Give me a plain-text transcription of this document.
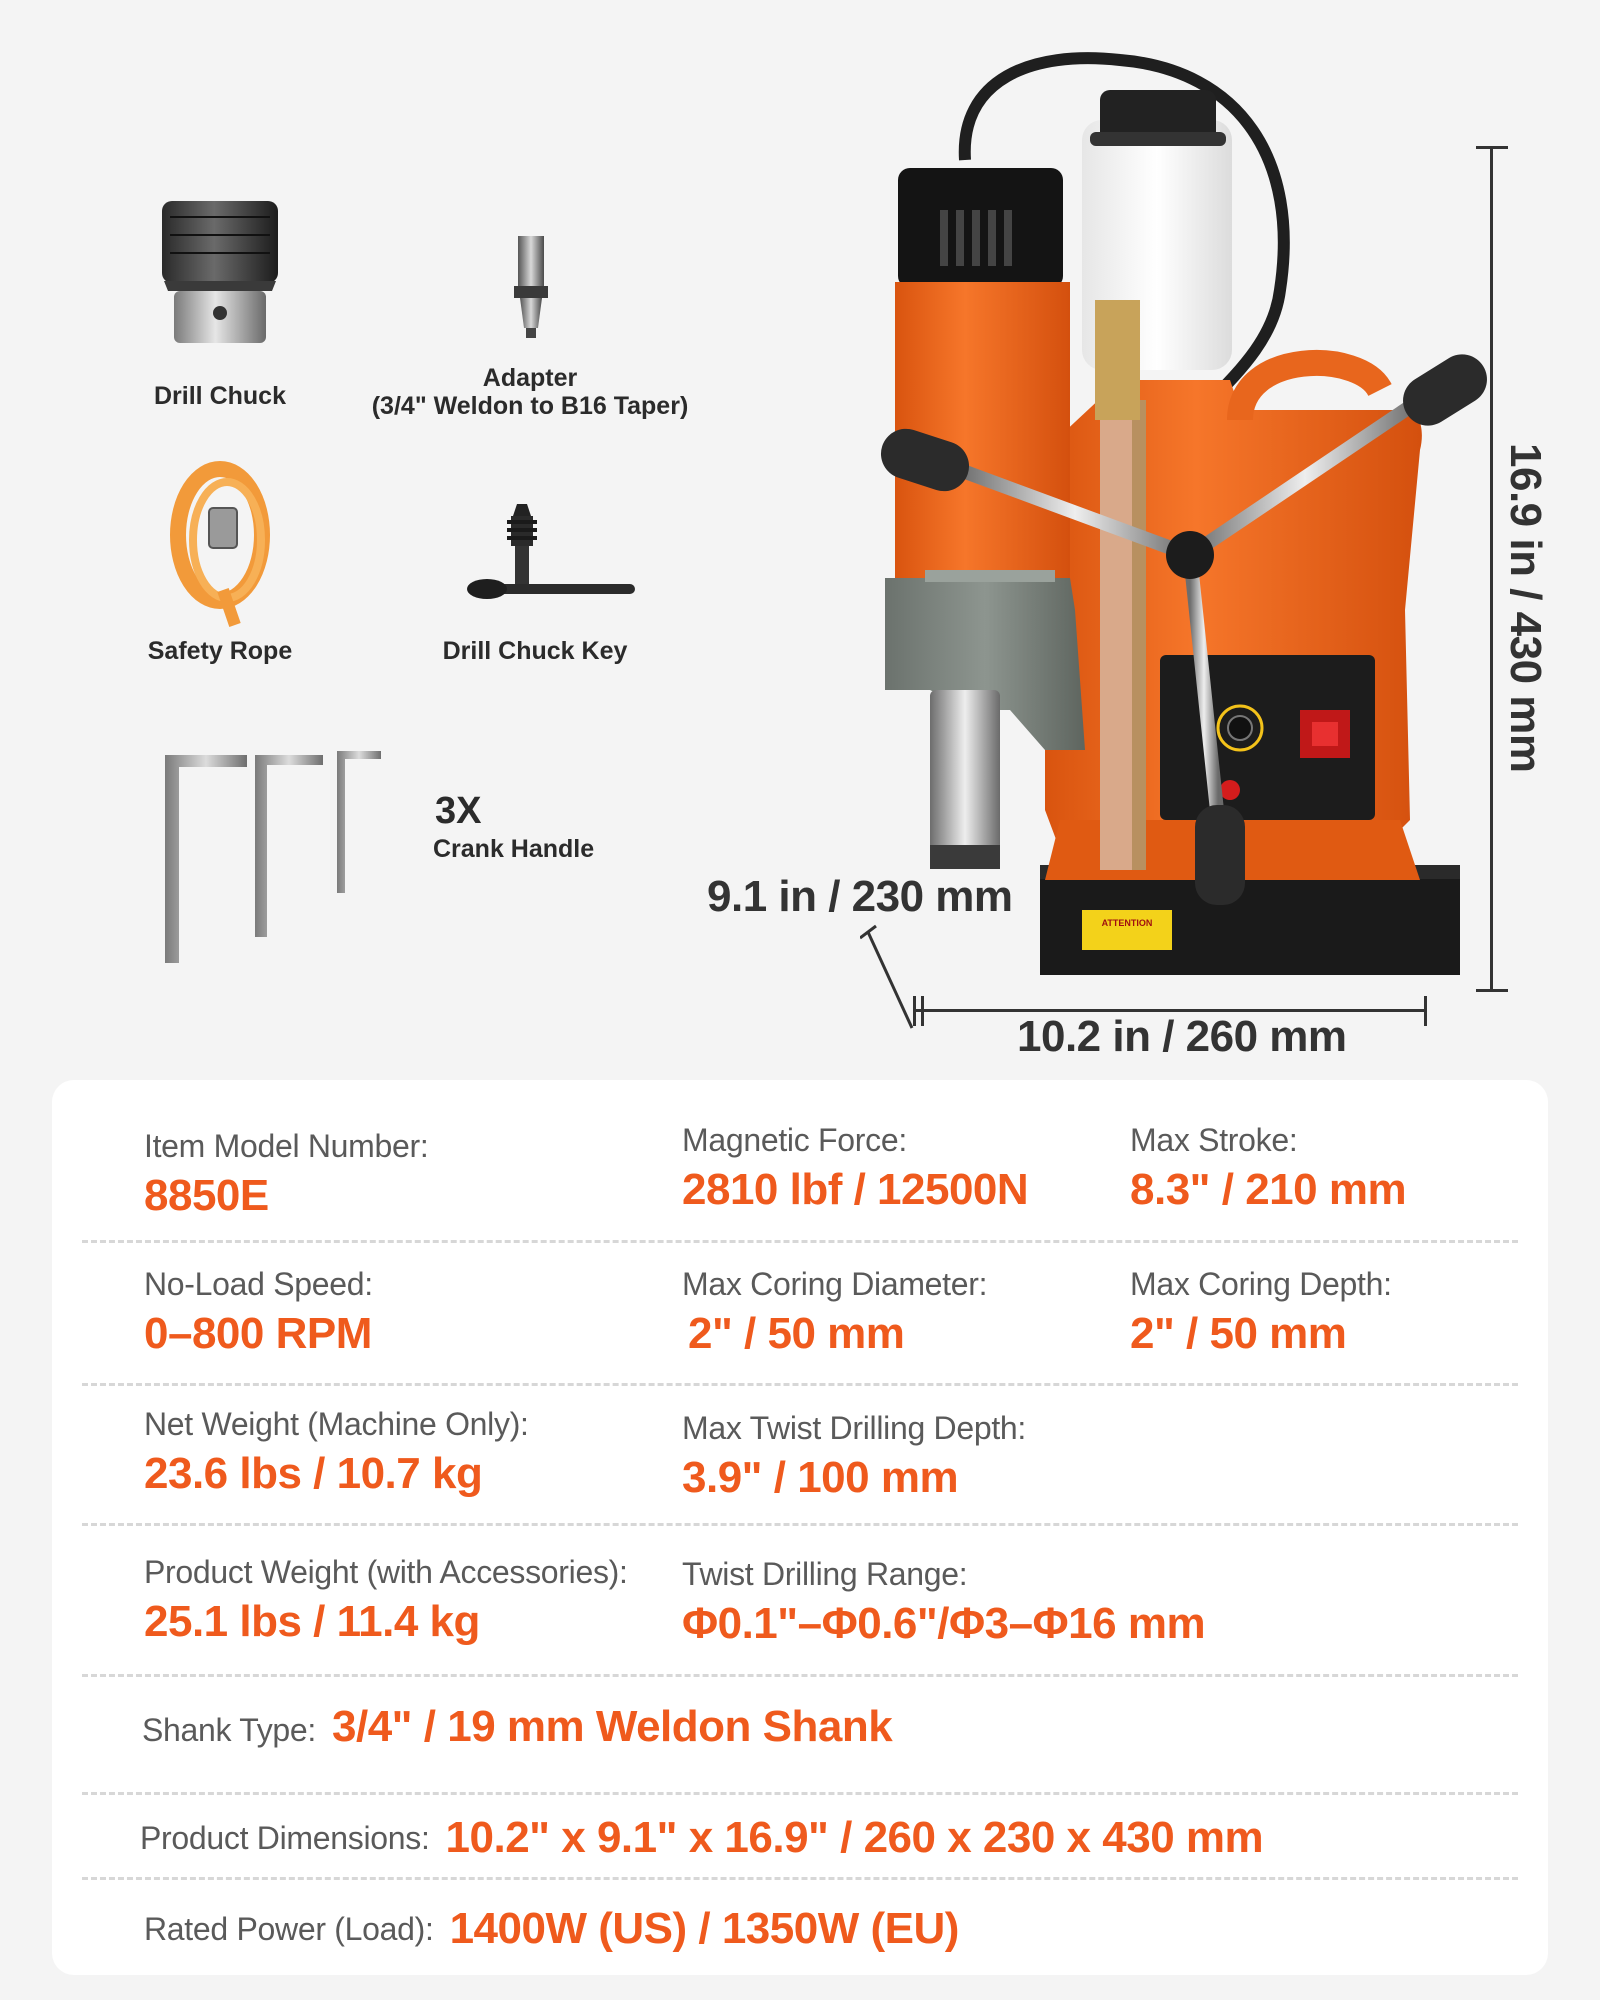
Drill Chuck
Adapter
(3/4" Weldon to B16 Taper)
Safety Rope	Drill Chuck Key
3X
Crank Handle
ATTENTION
16.9 in / 430 mm
9.1 in / 230 mm
10.2 in / 260 mm
Item Model Number:
8850E
Magnetic Force:
2810 lbf / 12500N
Max Stroke:
8.3" / 210 mm
No-Load Speed:
0–800 RPM
Max Coring Diameter:
2" / 50 mm
Max Coring Depth:
2" / 50 mm
Net Weight (Machine Only):
23.6 lbs / 10.7 kg
Max Twist Drilling Depth:
3.9" / 100 mm
Product Weight (with Accessories):
25.1 lbs / 11.4 kg
Twist Drilling Range:
Φ0.1"–Φ0.6"/Φ3–Φ16 mm
Shank Type: 3/4" / 19 mm Weldon Shank
Product Dimensions: 10.2" x 9.1" x 16.9" / 260 x 230 x 430 mm
Rated Power (Load): 1400W (US) / 1350W (EU)
